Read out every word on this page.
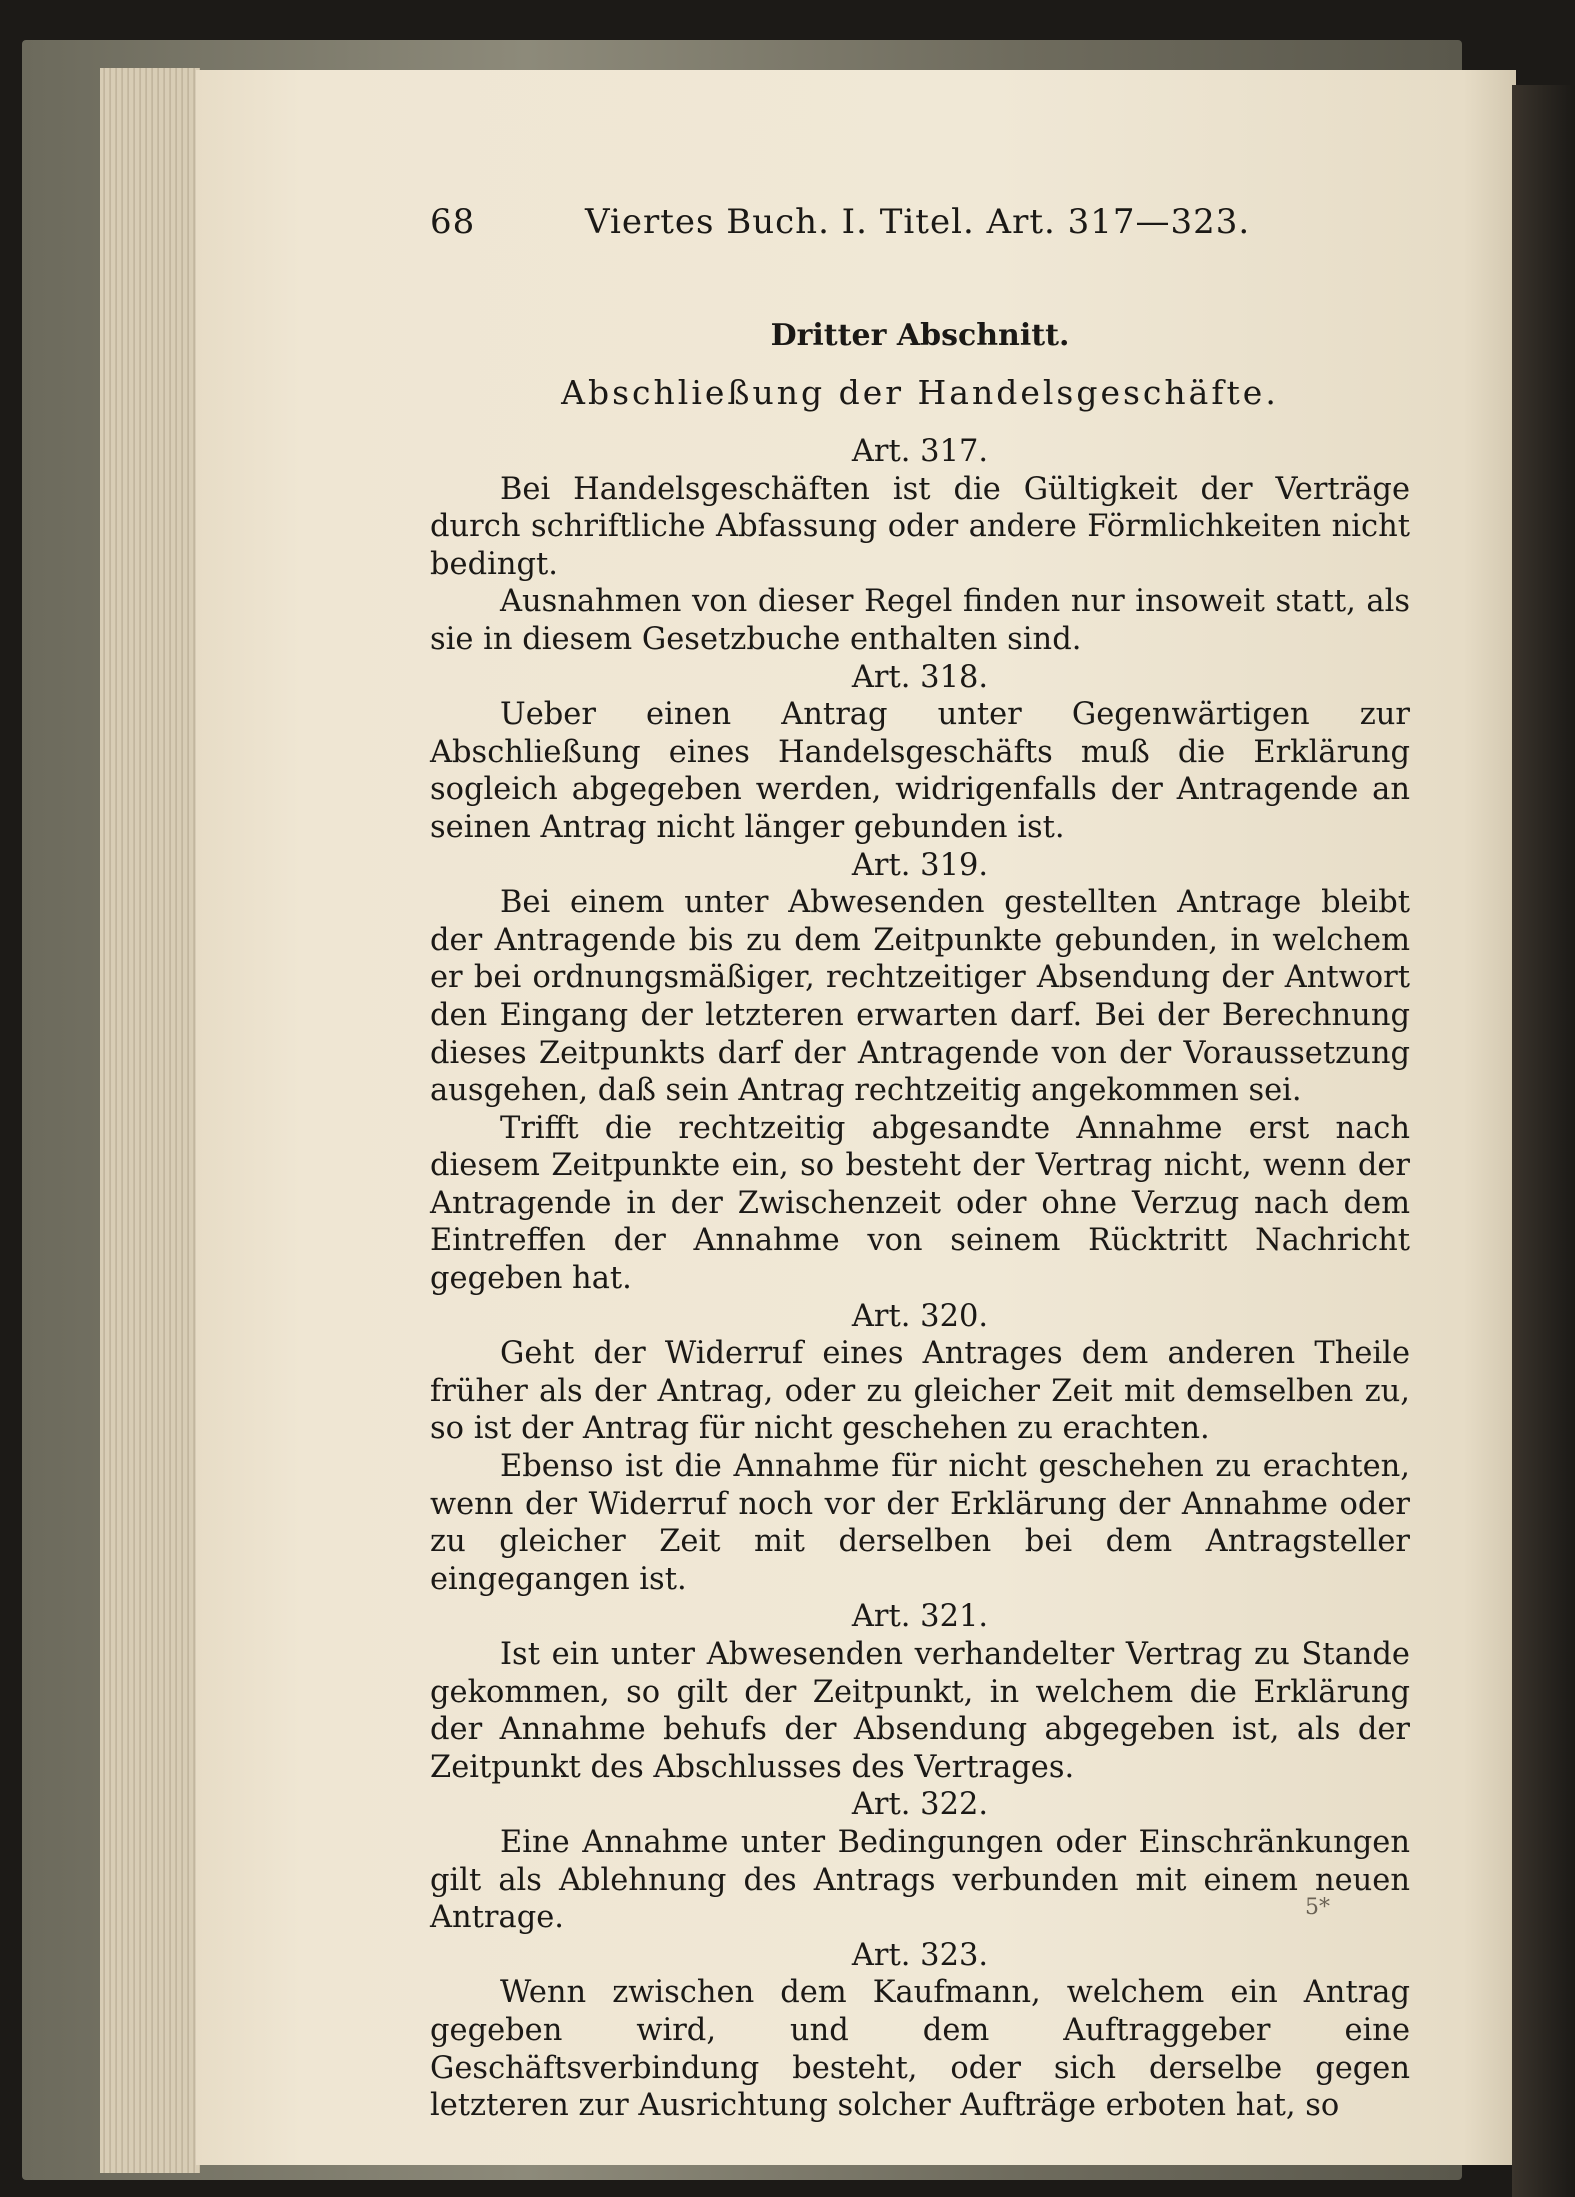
68	Viertes Buch. I. Titel. Art. 317—323.
Dritter Abschnitt.
Abschließung der Handelsgeschäfte.
Art. 317.

Bei Handelsgeschäften ist die Gültigkeit der Verträge durch schriftliche Abfassung oder andere Förmlichkeiten nicht bedingt.

Ausnahmen von dieser Regel finden nur insoweit statt, als sie in diesem Gesetzbuche enthalten sind.

Art. 318.

Ueber einen Antrag unter Gegenwärtigen zur Abschließung eines Handelsgeschäfts muß die Erklärung sogleich abgegeben werden, widrigenfalls der Antragende an seinen Antrag nicht länger gebunden ist.

Art. 319.

Bei einem unter Abwesenden gestellten Antrage bleibt der Antragende bis zu dem Zeitpunkte gebunden, in welchem er bei ordnungsmäßiger, rechtzeitiger Absendung der Antwort den Eingang der letzteren erwarten darf. Bei der Berechnung dieses Zeitpunkts darf der Antragende von der Voraussetzung ausgehen, daß sein Antrag rechtzeitig angekommen sei.

Trifft die rechtzeitig abgesandte Annahme erst nach diesem Zeitpunkte ein, so besteht der Vertrag nicht, wenn der Antragende in der Zwischenzeit oder ohne Verzug nach dem Eintreffen der Annahme von seinem Rücktritt Nachricht gegeben hat.

Art. 320.

Geht der Widerruf eines Antrages dem anderen Theile früher als der Antrag, oder zu gleicher Zeit mit demselben zu, so ist der Antrag für nicht geschehen zu erachten.

Ebenso ist die Annahme für nicht geschehen zu erachten, wenn der Widerruf noch vor der Erklärung der Annahme oder zu gleicher Zeit mit derselben bei dem Antragsteller eingegangen ist.

Art. 321.

Ist ein unter Abwesenden verhandelter Vertrag zu Stande gekommen, so gilt der Zeitpunkt, in welchem die Erklärung der Annahme behufs der Absendung abgegeben ist, als der Zeitpunkt des Abschlusses des Vertrages.

Art. 322.

Eine Annahme unter Bedingungen oder Einschränkungen gilt als Ablehnung des Antrags verbunden mit einem neuen Antrage.

Art. 323.

Wenn zwischen dem Kaufmann, welchem ein Antrag gegeben wird, und dem Auftraggeber eine Geschäftsverbindung besteht, oder sich derselbe gegen letzteren zur Ausrichtung solcher Aufträge erboten hat, so

5*
